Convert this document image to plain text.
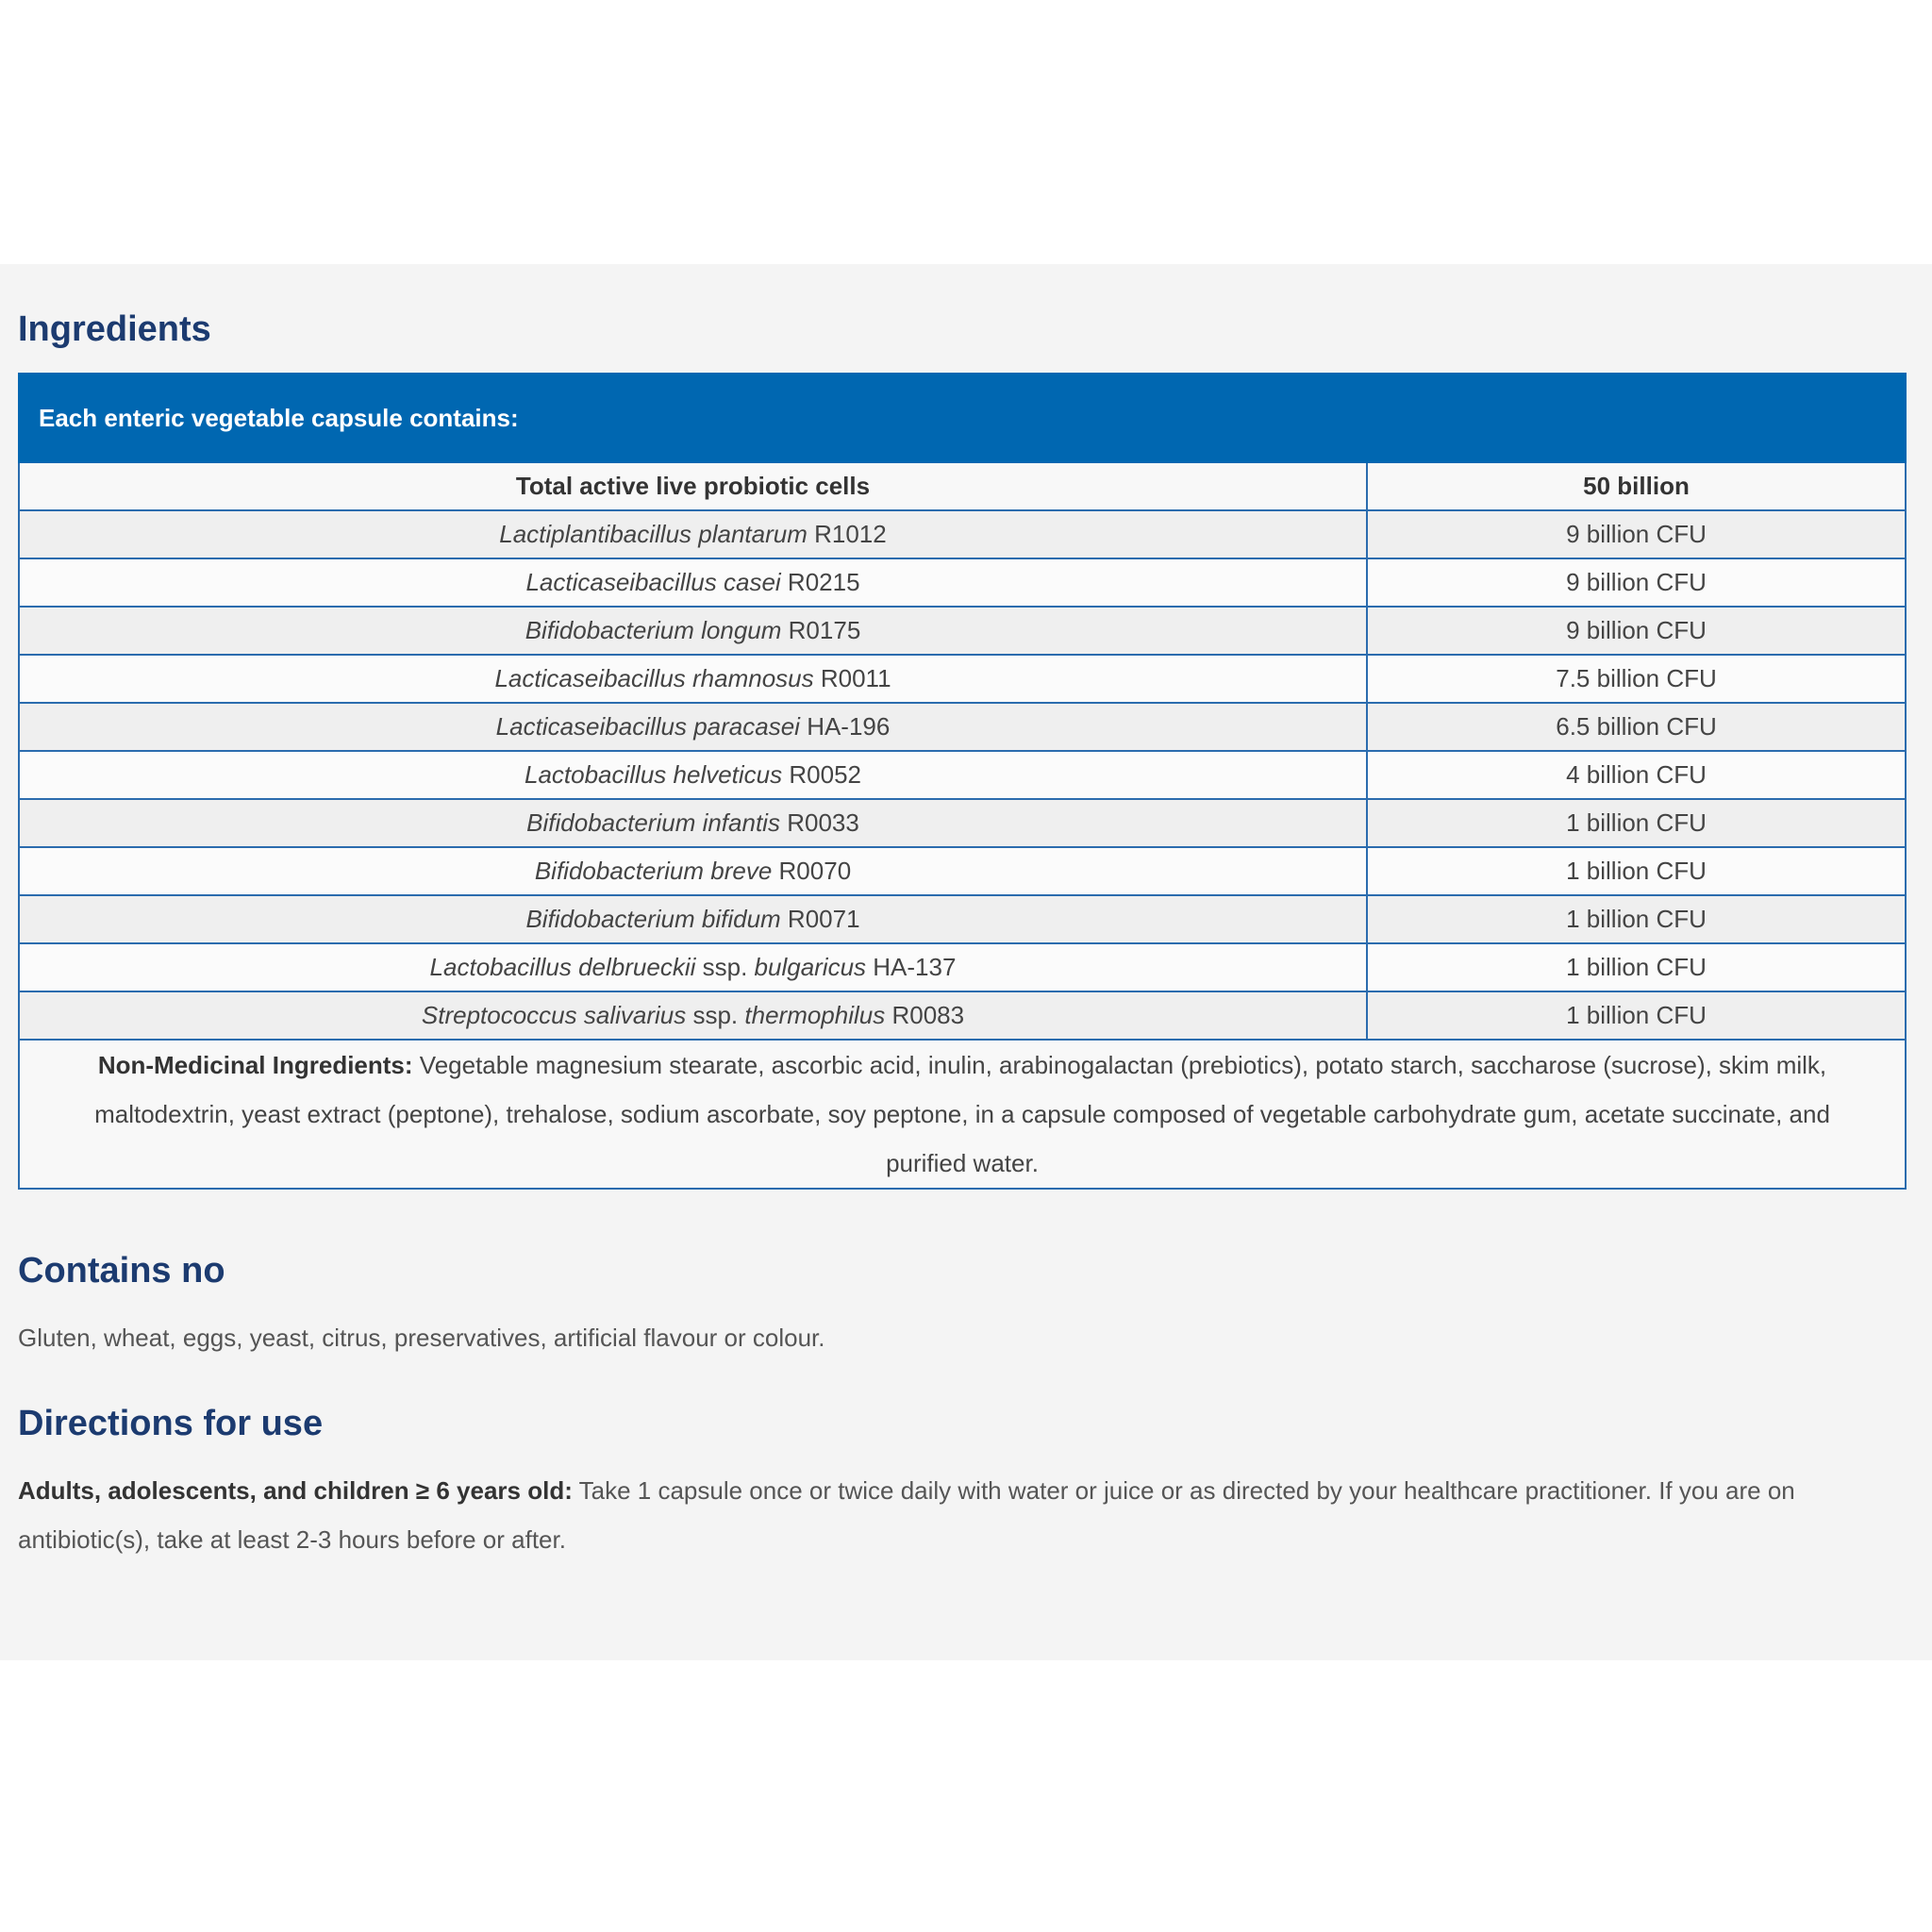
Ingredients
Each enteric vegetable capsule contains:	
Total active live probiotic cells	50 billion
Lactiplantibacillus plantarum R1012	9 billion CFU
Lacticaseibacillus casei R0215	9 billion CFU
Bifidobacterium longum R0175	9 billion CFU
Lacticaseibacillus rhamnosus R0011	7.5 billion CFU
Lacticaseibacillus paracasei HA-196	6.5 billion CFU
Lactobacillus helveticus R0052	4 billion CFU
Bifidobacterium infantis R0033	1 billion CFU
Bifidobacterium breve R0070	1 billion CFU
Bifidobacterium bifidum R0071	1 billion CFU
Lactobacillus delbrueckii ssp. bulgaricus HA-137	1 billion CFU
Streptococcus salivarius ssp. thermophilus R0083	1 billion CFU
Non-Medicinal Ingredients: Vegetable magnesium stearate, ascorbic acid, inulin, arabinogalactan (prebiotics), potato starch, saccharose (sucrose), skim milk, maltodextrin, yeast extract (peptone), trehalose, sodium ascorbate, soy peptone, in a capsule composed of vegetable carbohydrate gum, acetate succinate, and purified water.	
Contains no

Gluten, wheat, eggs, yeast, citrus, preservatives, artificial flavour or colour.

Directions for use

Adults, adolescents, and children ≥ 6 years old: Take 1 capsule once or twice daily with water or juice or as directed by your healthcare practitioner. If you are on antibiotic(s), take at least 2-3 hours before or after.
